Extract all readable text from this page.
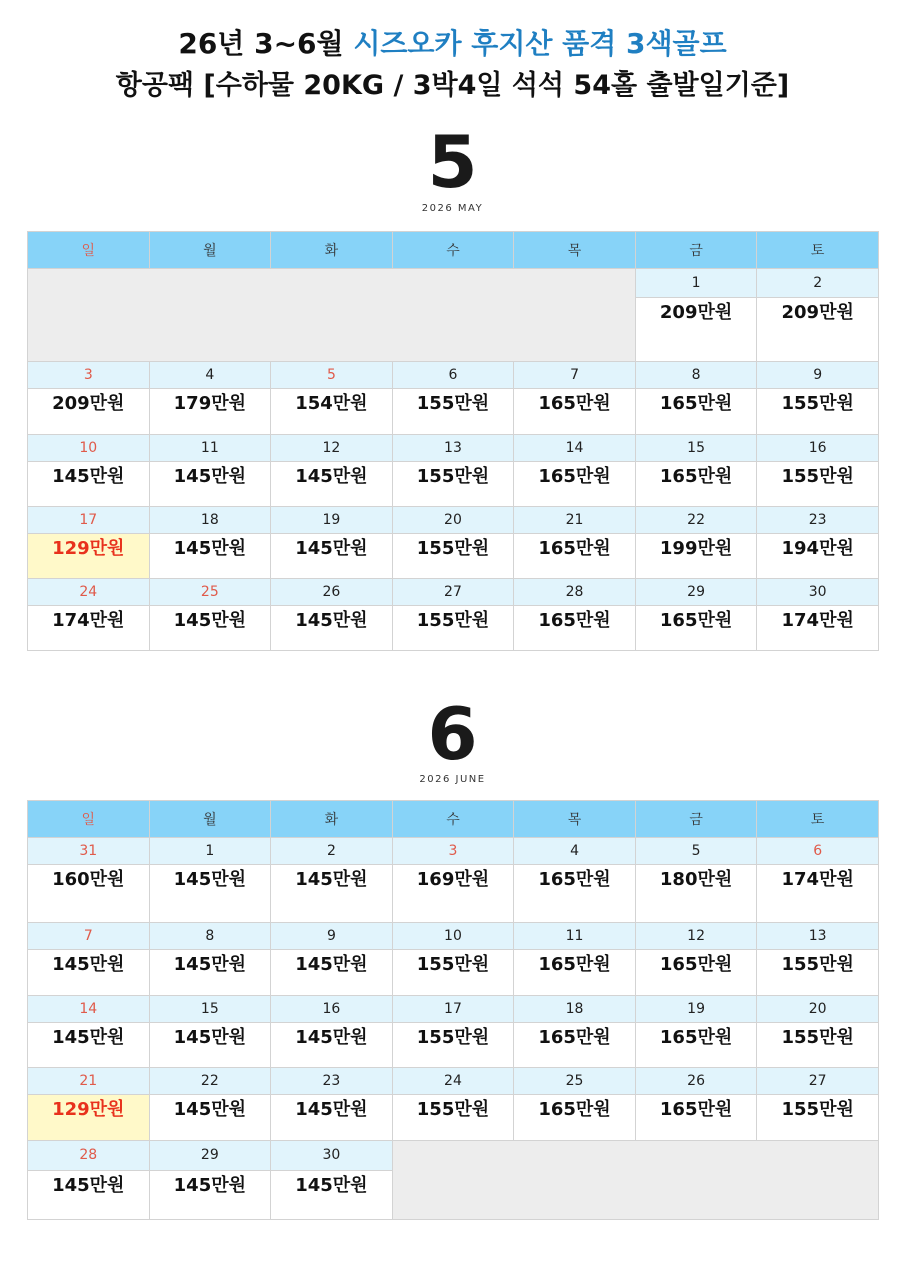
26년 3~6월 시즈오카 후지산 품격 3색골프
항공팩 [수하물 20KG / 3박4일 석석 54홀 출발일기준]
5
2026 MAY
일	월	화	수	목	금	토
					1	2
					209만원	209만원
3	4	5	6	7	8	9
209만원	179만원	154만원	155만원	165만원	165만원	155만원
10	11	12	13	14	15	16
145만원	145만원	145만원	155만원	165만원	165만원	155만원
17	18	19	20	21	22	23
129만원	145만원	145만원	155만원	165만원	199만원	194만원
24	25	26	27	28	29	30
174만원	145만원	145만원	155만원	165만원	165만원	174만원
6
2026 JUNE
일	월	화	수	목	금	토
31	1	2	3	4	5	6
160만원	145만원	145만원	169만원	165만원	180만원	174만원
7	8	9	10	11	12	13
145만원	145만원	145만원	155만원	165만원	165만원	155만원
14	15	16	17	18	19	20
145만원	145만원	145만원	155만원	165만원	165만원	155만원
21	22	23	24	25	26	27
129만원	145만원	145만원	155만원	165만원	165만원	155만원
28	29	30				
145만원	145만원	145만원				
